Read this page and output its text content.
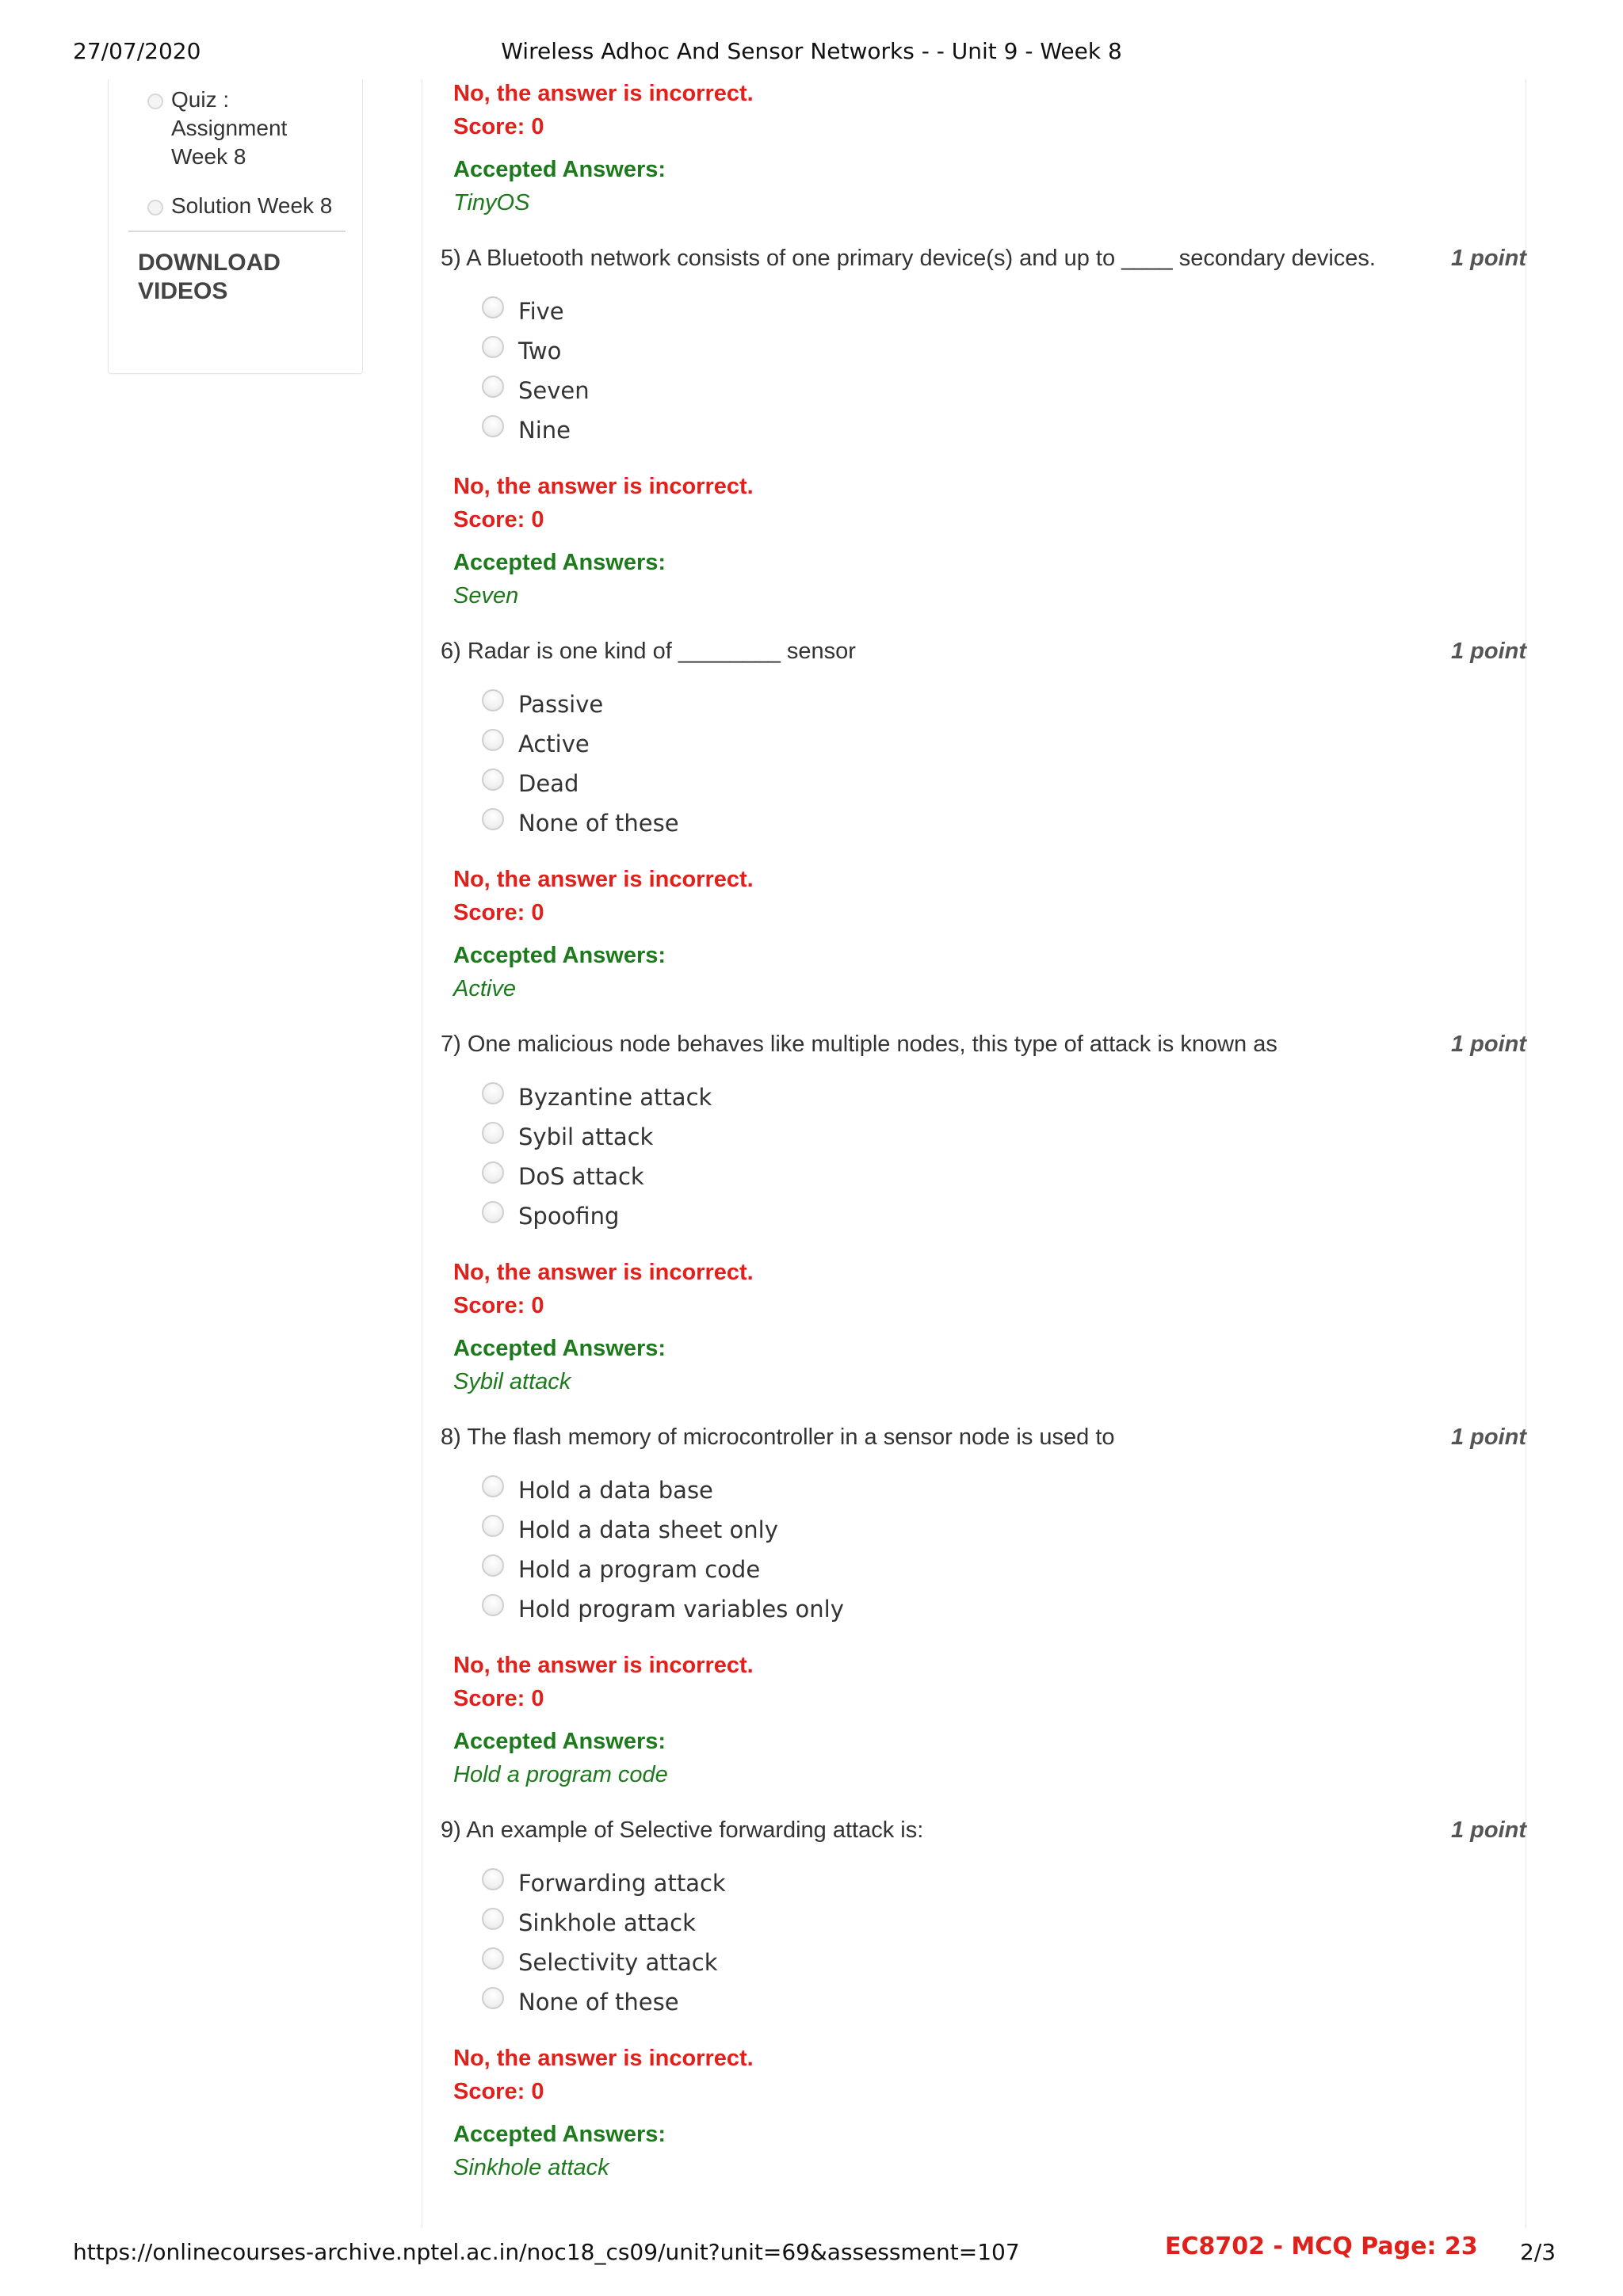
27/07/2020	Wireless Adhoc And Sensor Networks - - Unit 9 - Week 8
Quiz :
Assignment
Week 8
Solution Week 8
DOWNLOAD
VIDEOS
No, the answer is incorrect.
Score: 0
Accepted Answers:
TinyOS
5) A Bluetooth network consists of one primary device(s) and up to ____ secondary devices.	1 point
Five
Two
Seven
Nine
No, the answer is incorrect.
Score: 0
Accepted Answers:
Seven
6) Radar is one kind of ________ sensor	1 point
Passive
Active
Dead
None of these
No, the answer is incorrect.
Score: 0
Accepted Answers:
Active
7) One malicious node behaves like multiple nodes, this type of attack is known as	1 point
Byzantine attack
Sybil attack
DoS attack
Spoofing
No, the answer is incorrect.
Score: 0
Accepted Answers:
Sybil attack
8) The flash memory of microcontroller in a sensor node is used to	1 point
Hold a data base
Hold a data sheet only
Hold a program code
Hold program variables only
No, the answer is incorrect.
Score: 0
Accepted Answers:
Hold a program code
9) An example of Selective forwarding attack is:	1 point
Forwarding attack
Sinkhole attack
Selectivity attack
None of these
No, the answer is incorrect.
Score: 0
Accepted Answers:
Sinkhole attack
https://onlinecourses-archive.nptel.ac.in/noc18_cs09/unit?unit=69&assessment=107	EC8702 - MCQ Page: 23 2/3
